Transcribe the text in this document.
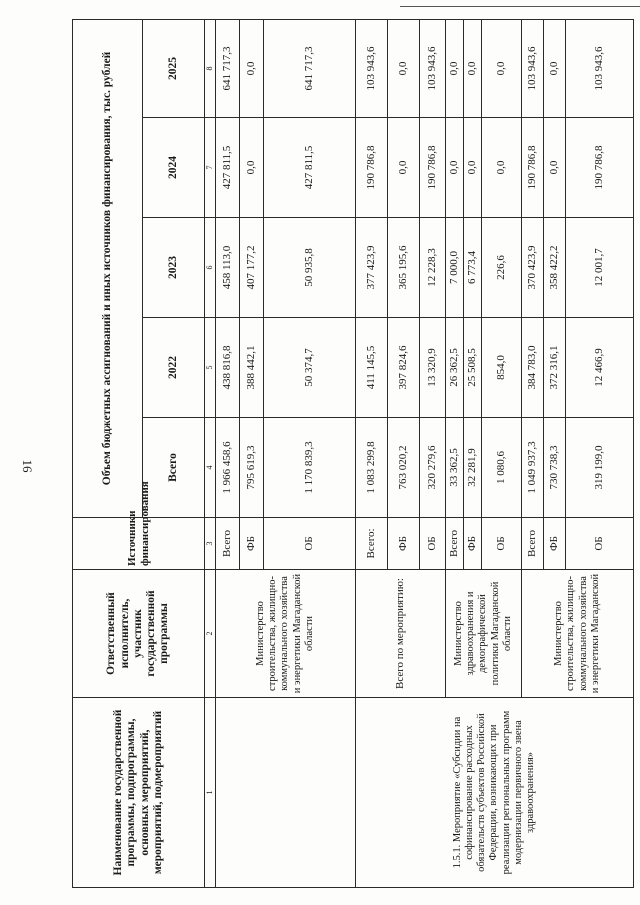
16
Наименование государственной программы, подпрограммы, основных мероприятий, мероприятий, подмероприятий	Ответственный исполнитель, участник государственной программы	Источники финансирования	Объем бюджетных ассигнований и иных источников финансирования, тыс. рублей				
			Всего	2022	2023	2024	2025
1	2	3	4	5	6	7	8
	Министерство строительства, жилищно-коммунального хозяйства и энергетики Магаданской области	Всего	1 966 458,6	438 816,8	458 113,0	427 811,5	641 717,3
		ФБ	795 619,3	388 442,1	407 177,2	0,0	0,0
		ОБ	1 170 839,3	50 374,7	50 935,8	427 811,5	641 717,3
1.5.1. Мероприятие «Субсидии на софинансирование расходных обязательств субъектов Российской Федерации, возникающих при реализации региональных программ модернизации первичного звена здравоохранения»	Всего по мероприятию:	Всего:	1 083 299,8	411 145,5	377 423,9	190 786,8	103 943,6
		ФБ	763 020,2	397 824,6	365 195,6	0,0	0,0
		ОБ	320 279,6	13 320,9	12 228,3	190 786,8	103 943,6
	Министерство здравоохранения и демографической политики Магаданской области	Всего	33 362,5	26 362,5	7 000,0	0,0	0,0
		ФБ	32 281,9	25 508,5	6 773,4	0,0	0,0
		ОБ	1 080,6	854,0	226,6	0,0	0,0
	Министерство строительства, жилищно-коммунального хозяйства и энергетики Магаданской	Всего	1 049 937,3	384 783,0	370 423,9	190 786,8	103 943,6
		ФБ	730 738,3	372 316,1	358 422,2	0,0	0,0
		ОБ	319 199,0	12 466,9	12 001,7	190 786,8	103 943,6
